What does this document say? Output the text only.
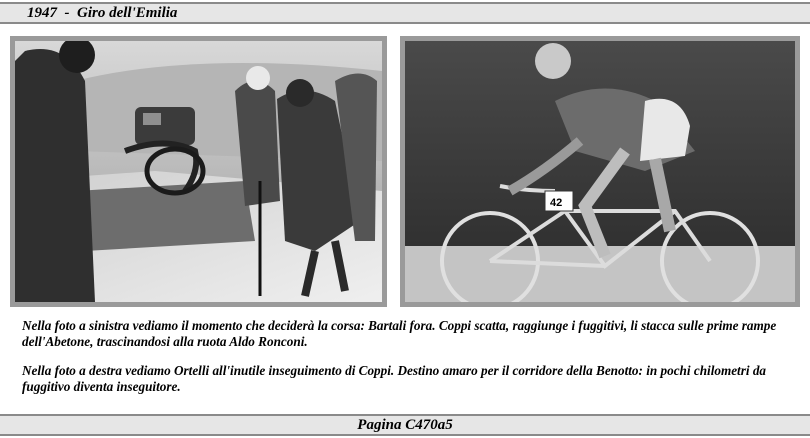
1947  -  Giro dell'Emilia
42

Nella foto a sinistra vediamo il momento che deciderà la corsa: Bartali fora. Coppi scatta, raggiunge i fuggitivi, li stacca sulle prime rampe dell'Abetone, trascinandosi alla ruota Aldo Ronconi.

Nella foto a destra vediamo Ortelli all'inutile inseguimento di Coppi. Destino amaro per il corridore della Benotto: in pochi chilometri da fuggitivo diventa inseguitore.

Pagina C470a5
